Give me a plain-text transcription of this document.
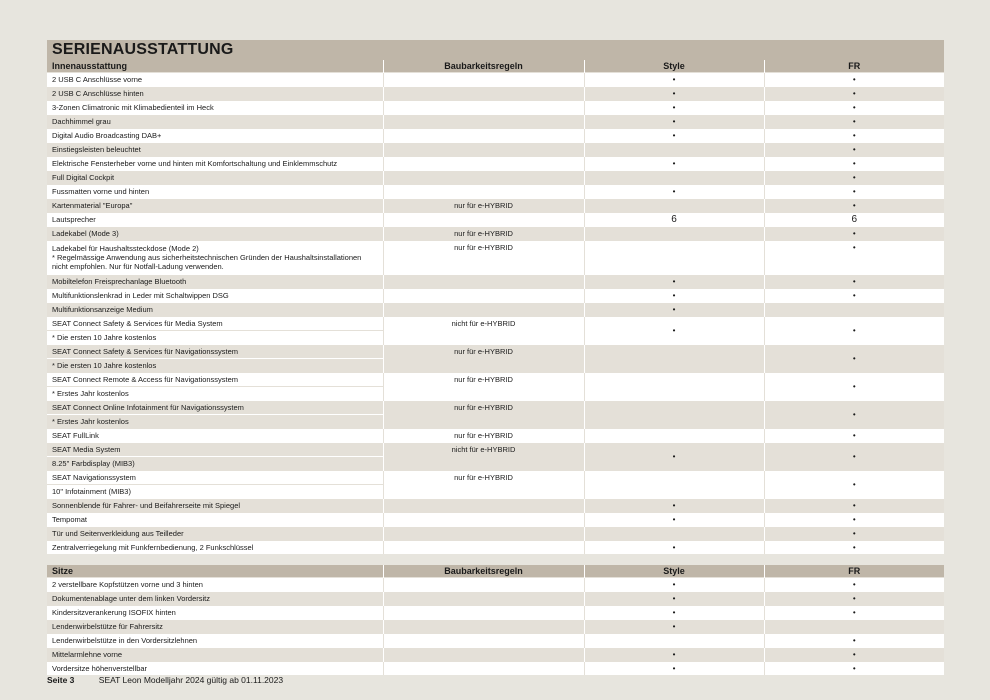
SERIENAUSSTATTUNG
Innenausstattung	Baubarkeitsregeln	Style	FR
2 USB C Anschlüsse vorne		•	•
2 USB C Anschlüsse hinten		•	•
3-Zonen Climatronic mit Klimabedienteil im Heck		•	•
Dachhimmel grau		•	•
Digital Audio Broadcasting DAB+		•	•
Einstiegsleisten beleuchtet			•
Elektrische Fensterheber vorne und hinten mit Komfortschaltung und Einklemmschutz		•	•
Full Digital Cockpit			•
Fussmatten vorne und hinten		•	•
Kartenmaterial "Europa"	nur für e-HYBRID		•
Lautsprecher		6	6
Ladekabel (Mode 3)	nur für e-HYBRID		•

Ladekabel für Haushaltssteckdose (Mode 2)
* Regelmässige Anwendung aus sicherheitstechnischen Gründen der Haushaltsinstallationen nicht empfohlen. Nur für Notfall-Ladung verwenden.	nur für e-HYBRID		•
Mobiltelefon Freisprechanlage Bluetooth		•	•
Multifunktionslenkrad in Leder mit Schaltwippen DSG		•	•
Multifunktionsanzeige Medium		•	
SEAT Connect Safety & Services für Media System	nicht für e-HYBRID	•	•
* Die ersten 10 Jahre kostenlos			
SEAT Connect Safety & Services für Navigationssystem	nur für e-HYBRID		•
* Die ersten 10 Jahre kostenlos			
SEAT Connect Remote & Access für Navigationssystem	nur für e-HYBRID		•
* Erstes Jahr kostenlos			
SEAT Connect Online Infotainment für Navigationssystem	nur für e-HYBRID		•
* Erstes Jahr kostenlos			
SEAT FullLink	nur für e-HYBRID		•
SEAT Media System	nicht für e-HYBRID	•	•
8.25" Farbdisplay (MIB3)			
SEAT Navigationssystem	nur für e-HYBRID		•
10" Infotainment (MIB3)			
Sonnenblende für Fahrer- und Beifahrerseite mit Spiegel		•	•
Tempomat		•	•
Tür und Seitenverkleidung aus Teilleder			•
Zentralverriegelung mit Funkfernbedienung, 2 Funkschlüssel		•	•
Sitze	Baubarkeitsregeln	Style	FR
2 verstellbare Kopfstützen vorne und 3 hinten		•	•
Dokumentenablage unter dem linken Vordersitz		•	•
Kindersitzverankerung ISOFIX hinten		•	•
Lendenwirbelstütze für Fahrersitz		•	
Lendenwirbelstütze in den Vordersitzlehnen			•
Mittelarmlehne vorne		•	•
Vordersitze höhenverstellbar		•	•
Seite 3	SEAT Leon Modelljahr 2024 gültig ab 01.11.2023
